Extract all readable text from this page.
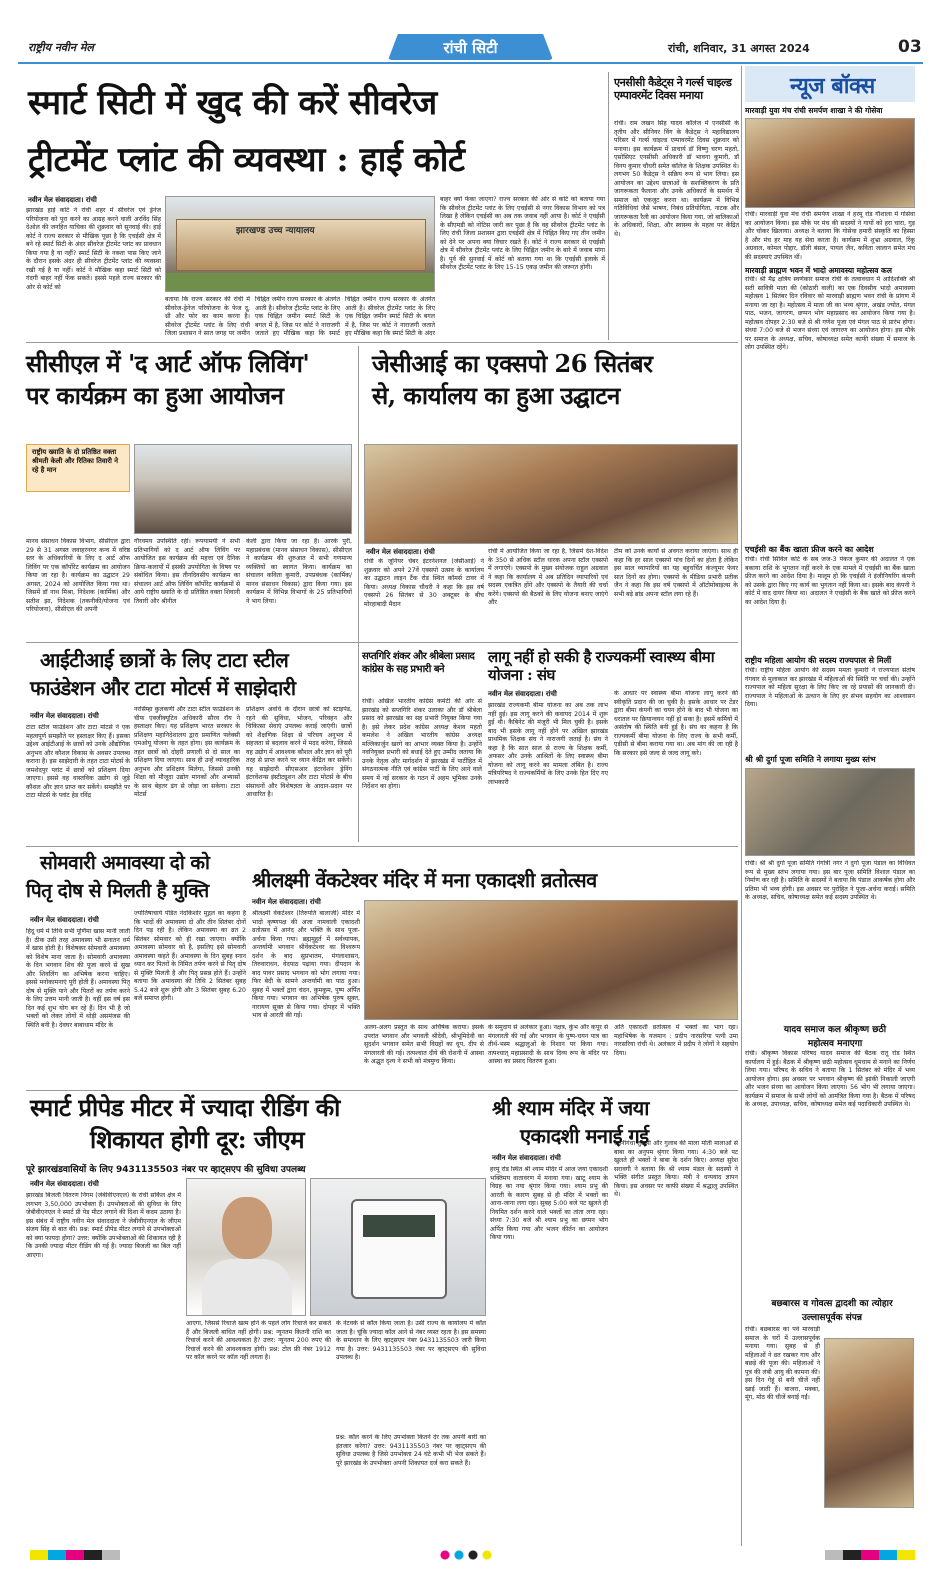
राष्ट्रीय नवीन मेल	रांची सिटी	रांची, शनिवार, 31 अगस्त 2024	03
स्मार्ट सिटी में खुद की करें सीवरेज
ट्रीटमेंट प्लांट की व्यवस्था : हाई कोर्ट
नवीन मेल संवाददाता। रांची
झारखंड हाई कोर्ट ने रांची शहर में सीवरेज एवं ड्रेनेज परियोजना को पूरा करने का आग्रह करने वाली अरविंद सिंह देओल की जनहित याचिका की शुक्रवार को सुनवाई की। हाई कोर्ट ने राज्य सरकार से मौखिक पूछा है कि एचईसी क्षेत्र में बने रहे स्मार्ट सिटी के अंदर सीवरेज ट्रीटमेंट प्लांट का प्रावधान किया गया है या नहीं? स्मार्ट सिटी के नक्शा पास किए जाने के दौरान इसके अंदर ही सीवरेज ट्रीटमेंट प्लांट की व्यवस्था रखी गई है या नहीं। कोर्ट ने मौखिक कहा स्मार्ट सिटी को गंदगी बाहर नहीं फेंक सकते। इससे पहले राज्य सरकार की ओर से कोर्ट को
झारखण्ड उच्च न्यायालय
बताया कि राज्य सरकार की रांची में सीवरेज-ड्रेनेज परियोजना के फेज दू, थ्री और फोर का काम करना है। सीवरेज ट्रीटमेंट प्लांट के लिए रांची जिला प्रशासन ने सात जगह पर जमीन
चिह्नित जमीन राज्य सरकार के अंतर्गत आती है। सीवरेज ट्रीटमेंट प्लांट के लिए एक चिह्नित जमीन स्मार्ट सिटी के बगल में है, जिस पर कोर्ट ने नाराजगी जताते हुए मौखिक कहा कि स्मार्ट
चिह्नित जमीन राज्य सरकार के अंतर्गत आती है। सीवरेज ट्रीटमेंट प्लांट के लिए एक चिह्नित जमीन स्मार्ट सिटी के बगल में है, जिस पर कोर्ट ने नाराजगी जताते हुए मौखिक कहा कि स्मार्ट सिटी के अंदर
बाहर क्यों फेंका जाएगा? राज्य सरकार की ओर से कोर्ट को बताया गया कि सीवरेज ट्रीटमेंट प्लांट के लिए एचईसी से नगर विकास विभाग को पत्र लिखा है लेकिन एचईसी का अब तक जवाब नहीं आया है। कोर्ट ने एचईसी के सीएमडी को नोटिस जारी कर पूछा है कि वह सीवरेज ट्रीटमेंट प्लांट के लिए रांची जिला प्रशासन द्वारा एचईसी क्षेत्र में चिह्नित किए गए तीन जमीन को देने पर अपना क्या विचार रखते हैं। कोर्ट ने राज्य सरकार से एचईसी क्षेत्र में सीवरेज ट्रीटमेंट प्लांट के लिए चिह्नित जमीन के बारे में जवाब मांगा है। पूर्व की सुनवाई में कोर्ट को बताया गया था कि एचईसी इलाके में सीवरेज ट्रीटमेंट प्लांट के लिए 15-15 एकड़ जमीन की जरूरत होगी।
एनसीसी कैडेट्स ने गर्ल्स चाइल्ड एम्पावरमेंट दिवस मनाया
रांची। राम लखन सिंह यादव कॉलेज में एनसीसी के तृतीय और सीनियर विंग के कैडेट्स ने महाविद्यालय परिसर में गर्ल्स चाइल्ड एम्पावरमेंट दिवस शुक्रवार को मनाया। इस कार्यक्रम में प्राचार्य डॉ विष्णु चरण महतो, एसोसिएट एनसीसी अधिकारी डॉ भावना कुमारी, डॉ विनय कुमार चौधरी समेत कॉलेज के शिक्षक उपस्थित थे। लगभग 50 कैडेट्स ने सक्रिय रूप से भाग लिया। इस आयोजन का उद्देश्य छात्राओं के सशक्तिकरण के प्रति जागरूकता फैलाना और उनके अधिकारों के समर्थन में समाज को एकजुट करना था। कार्यक्रम में विभिन्न गतिविधियां जैसे भाषण, निबंध प्रतियोगिता, नाटक और जागरूकता रैली का आयोजन किया गया, जो बालिकाओं के अधिकारों, शिक्षा, और स्वास्थ्य के महत्व पर केंद्रित थे।
न्यूज बॉक्स
मारवाड़ी युवा मंच रांची समर्पण शाखा ने की गोसेवा
रांची। मारवाड़ी युवा मंच रांची समर्पण शाखा ने हरमू रोड गौशाला में गोसेवा का आयोजन किया। इस मौके पर मंच की सदस्यों ने गायों को हरा चारा, गुड़ और चोकर खिलाया। अध्यक्ष ने बताया कि गोसेवा हमारी संस्कृति का हिस्सा है और मंच हर माह यह सेवा करता है। कार्यक्रम में शुभ्रा अग्रवाल, रिंकू अग्रवाल, कोमल पोद्दार, डॉली बंसल, पायल जैन, कविता जालान समेत मंच की सदस्याएं उपस्थित थीं।
मारवाड़ी ब्राह्मण भवन में भादो अमावस्या महोत्सव कल
रांची। श्री मैढ़ क्षत्रिय स्वर्णकार समाज रांची के तत्वावधान में आदिशक्ति श्री सती सावित्री माता की (कोठारी वाली) का एक दिवसीय भादो अमावस्या महोत्सव 1 सितंबर दिन रविवार को मारवाड़ी ब्राह्मण भवन रांची के प्रांगण में मनाया जा रहा है। महोत्सव में माता जी का भव्य श्रृंगार, अखंड ज्योत, मंगल पाठ, भजन, जागरण, छप्पन भोग महाप्रसाद का आयोजन किया गया है। महोत्सव दोपहर 2:30 बजे से श्री गणेश पूजा एवं मंगल पाठ से प्रारंभ होगा। संध्या 7:00 बजे से भजन संध्या एवं जागरण का आयोजन होगा। इस मौके पर समाज के अध्यक्ष, सचिव, कोषाध्यक्ष समेत काफी संख्या में समाज के लोग उपस्थित रहेंगे।
एचईसी का बैंक खाता फ्रीज करने का आदेश
रांची। रांची सिविल कोर्ट के सब जज-3 पंकज कुमार की अदालत ने एक बकाया राशि के भुगतान नहीं करने के एक मामले में एचईसी का बैंक खाता फ्रीज करने का आदेश दिया है। मालूम हो कि एचईसी ने इंजीनियरिंग कंपनी को उसके द्वारा किए गए कार्य का भुगतान नहीं किया था। इसके बाद कंपनी ने कोर्ट में वाद दायर किया था। अदालत ने एचईसी के बैंक खाते को फ्रीज करने का आदेश दिया है।
राष्ट्रीय महिला आयोग की सदस्य राज्यपाल से मिलीं
रांची। राष्ट्रीय महिला आयोग की सदस्य ममता कुमारी ने राज्यपाल संतोष गंगवार से मुलाकात कर झारखंड में महिलाओं की स्थिति पर चर्चा की। उन्होंने राज्यपाल को महिला सुरक्षा के लिए किए जा रहे प्रयासों की जानकारी दी। राज्यपाल ने महिलाओं के उत्थान के लिए हर संभव सहयोग का आश्वासन दिया।
श्री श्री दुर्गा पूजा समिति ने लगाया मुख्य स्तंभ
रांची। श्री श्री दुर्गा पूजा समिति गंगोत्री नगर ने दुर्गा पूजा पंडाल का विधिवत रूप से मुख्य स्तंभ लगाया गया। इस बार पूजा समिति विशाल पंडाल का निर्माण कर रही है। समिति के सदस्यों ने बताया कि पंडाल आकर्षक होगा और प्रतिमा भी भव्य होगी। इस अवसर पर पुरोहित ने पूजा-अर्चना कराई। समिति के अध्यक्ष, सचिव, कोषाध्यक्ष समेत कई सदस्य उपस्थित थे।
यादव समाज कल श्रीकृष्ण छठी
महोत्सव मनाएगा
रांची। श्रीकृष्ण विकास परिषद यादव समाज की बैठक रातू रोड स्थित कार्यालय में हुई। बैठक में श्रीकृष्ण छठी महोत्सव धूमधाम से मनाने का निर्णय लिया गया। परिषद के सचिव ने बताया कि 1 सितंबर को मंदिर में भव्य आयोजन होगा। इस अवसर पर भगवान श्रीकृष्ण की झांकी निकाली जाएगी और भजन संध्या का आयोजन किया जाएगा। 56 भोग भी लगाया जाएगा। कार्यक्रम में समाज के सभी लोगों को आमंत्रित किया गया है। बैठक में परिषद के अध्यक्ष, उपाध्यक्ष, सचिव, कोषाध्यक्ष समेत कई पदाधिकारी उपस्थित थे।
बछबारस व गोवत्स द्वादशी का त्योहार
उल्लासपूर्वक संपन्न
रांची। बछबारस का पर्व मारवाड़ी समाज के घरों में उल्लासपूर्वक मनाया गया। सुबह से ही महिलाओं ने व्रत रखकर गाय और बछड़े की पूजा की। महिलाओं ने पुत्र की लंबी आयु की कामना की। इस दिन गेहूं से बनी चीजें नहीं खाई जाती हैं। बाजरा, मक्का, मूंग, मोठ की चीजें बनाई गईं।
सीसीएल में 'द आर्ट ऑफ लिविंग'
पर कार्यक्रम का हुआ आयोजन
राष्ट्रीय ख्याति के दो प्रतिष्ठित वक्ता श्रीमती केली और रितिका तिवारी ने रहे है मान
मानव संसाधन विकास विभाग, सीसीएल द्वारा 29 से 31 अगस्त जवाहरनगर कन्व में वरिष्ठ स्तर के अधिकारियों के लिए द आर्ट ऑफ लिविंग पर एक कॉर्पोरेट कार्यक्रम का आयोजन किया जा रहा है। कार्यक्रम का उद्घाटन 29 अगस्त, 2024 को आयोजित किया गया था। जिसमें डॉ नाथ मिश्रा, निदेशक (कार्मिक) और सतीश झा, निदेशक (तकनीकी/योजना एवं परियोजना), सीसीएल की अपनी
गौरवमय उपस्थिति रही। रूपयामयी ने सभी प्रतिभागियों को द आर्ट ऑफ लिविंग पर आयोजित इस कार्यक्रम की महत्ता एवं दैनिक क्रिया-कलापों में इसकी उपयोगिता के विषय पर संबोधित किया। इस तीनदिवसीय कार्यक्रम का संचालन आर्ट ऑफ लिविंग कॉर्पोरेट कार्यक्रमों से आये राष्ट्रीय ख्याति के दो प्रतिष्ठित वक्ता शिवानी तिवारी और श्रीनील
केली द्वारा किया जा रहा है। आरके पुरी, महाप्रबंधक (मानव संसाधन विकास), सीसीएल ने कार्यक्रम की शुरुआत में सभी गणमान्य व्यक्तियों का स्वागत किया। कार्यक्रम का संचालन कविता कुमारी, उपप्रबंधक (कार्मिक/मानव संसाधन विकास) द्वारा किया गया। इस कार्यक्रम में विभिन्न विभागों के 25 प्रतिभागियों ने भाग लिया।
जेसीआई का एक्सपो 26 सितंबर
से, कार्यालय का हुआ उद्घाटन
नवीन मेल संवाददाता। रांची
रांची के जूनियर चेंबर इंटरनेशनल (जेसीआई) ने शुक्रवार को अपने 27वें एक्सपो उत्सव के कार्यालय का उद्घाटन लाइन टैंक रोड स्थित कॉमर्स टावर में किया। अध्यक्ष विकास चौधरी ने कहा कि इस वर्ष एक्सपो 26 सितंबर से 30 अक्टूबर के बीच मोरहाबादी मैदान
रांची में आयोजित किया जा रहा है, जिसमें देश-विदेश के 350 से अधिक स्टॉल धारक अपना स्टॉल एक्सपो में लगाएंगे। एक्सपो के मुख्य संयोजक राहुल अग्रवाल ने कहा कि कार्यालय में अब प्रतिदिन व्यापारियों एवं सदस्य एकत्रित होंगे और एक्सपो के तैयारी की चर्चा करेंगे। एक्सपो की बैठकों के लिए योजना बनाए जाएंगे और
टीम को उनके कार्यों से अवगत कराया जाएगा। साथ ही कहा कि हर साल एक्सपो पांच दिनों का होता है लेकिन इस साल व्यापारियों का यह बहुचर्चित कंज्यूमर फेयर सात दिनों का होगा। एक्सपो के मीडिया प्रभारी प्रतीक जैन ने कहा कि इस वर्ष एक्सपो में ऑटोमोबाइल्स के सभी बड़े ब्रांड अपना स्टॉल लगा रहे हैं।
आईटीआई छात्रों के लिए टाटा स्टील
फाउंडेशन और टाटा मोटर्स में साझेदारी
नवीन मेल संवाददाता। रांची
टाटा स्टील फाउंडेशन और टाटा मोटर्स ने एक महत्वपूर्ण समझौते पर हस्ताक्षर किए हैं। इसका उद्देश्य आईटीआई के छात्रों को उनके औद्योगिक अनुभव और कौशल विकास के अवसर उपलब्ध कराना है। इस साझेदारी के तहत टाटा मोटर्स के जमशेदपुर प्लांट में छात्रों को प्रशिक्षण दिया जाएगा। इससे वह वास्तविक उद्योग से जुड़े कौशल और ज्ञान प्राप्त कर सकेंगे। समझौते पर टाटा मोटर्स के प्लांट हेड रविंद्र
नरसिम्हा कुलकर्णी और टाटा स्टील फाउंडेशन के चीफ एक्जीक्यूटिव अधिकारी सौरव रॉय ने हस्ताक्षर किए। यह प्रशिक्षण भारत सरकार के प्रशिक्षण महानिदेशालय द्वारा प्रमाणित फ्लेक्सी एमओयू योजना के तहत होगा। इस कार्यक्रम के तहत छात्रों को दोहरी प्रणाली से दो साल का प्रशिक्षण दिया जाएगा। साथ ही उन्हें व्यावहारिक अनुभव और प्रशिक्षण मिलेगा, जिससे उनकी शिक्षा को मौजूदा उद्योग मानकों और अभ्यासों के साथ बेहतर ढंग से जोड़ा जा सकेगा। टाटा मोटर्स
प्रशिक्षण अवधि के दौरान छात्रों को स्टाइपेंड, रहने की सुविधा, भोजन, परिवहन और चिकित्सा सेवाएं उपलब्ध कराई जाएंगी। छात्रों को शैक्षणिक शिक्षा से परिचय अनुभव में सहजता से बदलाव करने में मदद करेगा, जिससे वह उद्योग में आवश्यक कौशल और ज्ञान को पूरी तरह से प्राप्त करने पर ध्यान केंद्रित कर सकेंगे। यह साझेदारी सीएसआर इंटरवेंशन ड्रेनिंग इंटरवेंशन्स इंस्टीट्यूशन और टाटा मोटर्स के बीच संसाधनों और विशेषज्ञता के आदान-प्रदान पर आधारित है।
सप्तगिरि शंकर और श्रीबेला प्रसाद कांग्रेस के सह प्रभारी बने
रांची। अखिल भारतीय कांग्रेस कमेटी की ओर से झारखंड को सप्तगिरि शंकर उलाका और डॉ श्रीबेला प्रसाद को झारखंड का सह प्रभारी नियुक्त किया गया है। इसे लेकर प्रदेश कांग्रेस अध्यक्ष केशव महतो कमलेश ने अखिल भारतीय कांग्रेस अध्यक्ष मल्लिकार्जुन खरगे का आभार व्यक्त किया है। उन्होंने नवनियुक्त प्रभारी को बधाई देते हुए उम्मीद जताया कि उनके नेतृत्व और मार्गदर्शन में झारखंड में पार्टीहित में संगठनात्मक नीति एवं कांग्रेस पार्टी के लिए आने वाले समय में नई सरकार के गठन में अहम भूमिका उनके निर्देशन का होगा।
लागू नहीं हो सकी है राज्यकर्मी स्वास्थ्य बीमा योजना : संघ
नवीन मेल संवाददाता। रांची
झारखंड राज्यकर्मी बीमा योजना का अब तक लाभ नहीं हुई। इस लागू करने की कवायद 2014 में शुरू हुई थी। कैबिनेट की मंजूरी भी मिल चुकी है। इसके बाद भी इसके लागू नहीं होने पर अखिल झारखंड प्राथमिक शिक्षक संघ ने नाराजगी जताई है। संघ ने कहा है कि सात साल से राज्य के शिक्षक कर्मी, अफसर और उनके आश्रितों के लिए स्वास्थ्य बीमा योजना को लागू करने का मामला लंबित है। राज्य मंत्रिपरिषद ने राज्यकर्मियों के लिए उनके हित दिए गए लाभकारी
के आधार पर स्वास्थ्य बीमा योजना लागू करने की स्वीकृति प्रदान की जा चुकी है। इसके आधार पर टेंडर द्वारा बीमा कंपनी का चयन होने के बाद भी योजना का धरातल पर क्रियान्वयन नहीं हो सका है। इसमें कर्मियों में असंतोष की स्थिति बनी हुई है। संघ का कहना है कि राज्यकर्मी बीमा योजना के लिए राज्य के सभी कर्मी, एडीसी से बीमा कराया गया था। अब मांग की जा रही है कि सरकार इसे जल्द से जल्द लागू करे।
सोमवारी अमावस्या दो को
पितृ दोष से मिलती है मुक्ति
नवीन मेल संवाददाता। रांची
हिंदू धर्म में तिथि सभी पूर्णिमा खास मानी जाती है। ठीक उसी तरह अमावस्या भी सनातन धर्म में खास होती है। विशेषकर सोमवारी अमावस्या को विशेष माना जाता है। सोमवारी अमावस्या के दिन भगवान शिव की पूजा करने से सुख और शिवलिंग का अभिषेक करना चाहिए। इससे मनोकामनाएं पूरी होती हैं। अमावस्या पितृ दोष से मुक्ति पाने और पितरों का तर्पण करने के लिए उत्तम मानी जाती है। वहीं इस वर्ष इस दिन कई शुभ योग बन रहे हैं। दिन भी है जो भक्तों को लेकर लोगों में थोड़ी असमंजस की स्थिति बनी है। देवघर बाबाधाम मंदिर के
ज्योतिषाचार्य पंडित नंदकिशोर मुद्गल का कहना है कि भादों की अमावस्या दो और तीन सितंबर दोनों दिन पड़ रही है। लेकिन अमावस्या का व्रत 2 सितंबर सोमवार को ही रखा जाएगा। क्योंकि अमावस्या सोमवार को है, इसलिए इसे सोमवारी अमावस्या कहते हैं। अमावस्या के दिन सुबह स्नान ध्यान कर पितरों के निमित तर्पण करने से पितृ दोष से मुक्ति मिलती है और पितृ प्रसन्न होते हैं। उन्होंने बताया कि अमावस्या की तिथि 2 सितंबर सुबह 5.42 बजे शुरू होगी और 3 सितंबर सुबह 6.20 बजे समाप्त होगी।
श्रीलक्ष्मी वेंकटेश्वर मंदिर में मना एकादशी व्रतोत्सव
नवीन मेल संवाददाता। रांची
श्रीलक्ष्मी वेंकटेश्वर (तिरुपति बालाजी) मंदिर में भादो कृष्णपक्ष की अजा नामवाली एकादशी व्रतोत्सव में आनंद और भक्ति के साथ पूजा-अर्चना किया गया। ब्रह्ममुहूर्त में सर्वव्यापक, अन्तर्यामी भगवान श्रीवेंकटेश्वर का विश्वरूप दर्शन के बाद सुप्रभातम, मंगलाशासन, तिरुवाराधन, वेदपाठ पढ़ाया गया। दीपदान के बाद पावर प्रसाद भगवान को भोग लगाया गया। फिर बेदी के सामने अन्तर्यामी का पाठ हुआ। सुबह में भक्तों द्वारा चंदन, कुमकुम, पुष्प अर्पित किया गया। भगवान का अभिषेक पुरुष सूक्त, नारायण सूक्त से किया गया। दोपहर में भक्ति भाव से आरती की गई।
अलग-अलग प्रस्तुत के साथ अर्चिषेक कराया। इसके उपरांत भगवान और भगवती श्रीदेवी, श्रीभूमिदेवी का सुदर्शन भगवान समेत सभी विग्रहों का धूप, दीप से मंगलारती की गई। तत्पश्चात दीये की रोशनी में आस्था के अद्भुत दृश्य ने सभी को मंत्रमुग्ध किया।
के समुदाय से अलंकार हुआ। नक्षत्र, कुंभ और कपूर से मंगलारती की गई और भगवान के पुष्प-चयन पात्र का तीर्थ-भस्म श्रद्धालुओं के निशान पर किया गया। तत्पश्चात् महाप्रसादी के साथ दिव्य रूप के मंदिर पर आस्था का प्रसाद वितरण हुआ।
अति एकादशी व्रतोत्सव में भक्तों का भाग रहा। महाभिषेक के यजमान : प्रदीप नारसरिया पत्नी उमा नारसरिया रांची थे। अलंकार में प्रदीप ने लोगों ने सहयोग दिया।
स्मार्ट प्रीपेड मीटर में ज्यादा रीडिंग की
शिकायत होगी दूर: जीएम
पूरे झारखंडवासियों के लिए 9431135503 नंबर पर व्हाट्सएप की सुविधा उपलब्ध
नवीन मेल संवाददाता। रांची
झारखंड बिजली वितरण निगम (जेबीवीएनएल) के रांची सर्किल क्षेत्र में लगभग 3,50,000 उपभोक्ता हैं। उपभोक्ताओं की सुविधा के लिए जेबीवीएनएल ने स्मार्ट प्री पेड मीटर लगाने की दिशा में कदम उठाया है। इस संबंध में राष्ट्रीय नवीन मेल संवाददाता ने जेबीवीएनएल के जीएम संजय सिंह से बात की। प्रश्न: स्मार्ट प्रीपेड मीटर लगाने से उपभोक्ताओं को क्या फायदा होगा? उत्तर: क्योंकि उपभोक्ताओं की शिकायत रही है कि उनकी ज्यादा मीटर रीडिंग की गई है। ज्यादा बिजली का बिल नहीं आएगा।
आएगा, जिससे रिचार्ज खत्म होने के पहले लोग रिचार्ज कर सकते हैं और बिजली बाधित नहीं होगी। प्रश्न: न्यूनतम कितनी राशि का रिचार्ज करने की आवश्यकता है? उत्तर: न्यूनतम 200 रुपए की रिचार्ज करने की आवश्यकता होगी। प्रश्न: टोल फ्री नंबर 1912 पर कॉल करने पर कॉल नहीं लगता है।
के नेटवर्क से कॉल किया जाता है। उसी राज्य के कार्यालय में कॉल जाता है। चूंकि ज्यादा कॉल आने से नंबर व्यस्त रहता है। इस समस्या के समाधान के लिए व्हाट्सएप नंबर 9431135503 जारी किया गया है। उत्तर: 9431135503 नंबर पर व्हाट्सएप की सुविधा उपलब्ध है।
प्रश्न: कॉल करने के लिए उपभोक्ता कितने देर तक अपनी बारी का इंतजार करेगा? उत्तर: 9431135503 नंबर पर व्हाट्सएप की सुविधा उपलब्ध है जिसे उपभोक्ता 24 घंटे कभी भी भेज सकते हैं। पूरे झारखंड के उपभोक्ता अपनी शिकायत दर्ज करा सकते हैं।
श्री श्याम मंदिर में जया
एकादशी मनाई गई
नवीन मेल संवाददाता। रांची
हरमू रोड स्थित श्री श्याम मंदिर में आज जया एकादशी भक्तिमय वातावरण में मनाया गया। खाटू श्याम के विग्रह का नया श्रृंगार किया गया। श्याम प्रभु की आरती के कारण सुबह से ही मंदिर में भक्तों का आना-जाना लगा रहा। सुबह 5:00 बजे पट खुलते ही नियमित दर्शन करने वाले भक्तों का तांता लगा रहा। संध्या 7:30 बजे श्री श्याम प्रभु का छप्पन भोग अर्पित किया गया और भजन कीर्तन का आयोजन किया गया।
रजनीगंधा तुलसी और गुलाब की माला मोती मालाओं से बाबा का अनुपम श्रृंगार किया गया। 4:30 बजे पट खुलते ही भक्तों ने बाबा के दर्शन किए। अध्यक्ष सुरेश सरावगी ने बताया कि श्री श्याम मंडल के सदस्यों ने भक्ति संगीत प्रस्तुत किया। मंत्री ने धन्यवाद ज्ञापन किया। इस अवसर पर काफी संख्या में श्रद्धालु उपस्थित थे।
